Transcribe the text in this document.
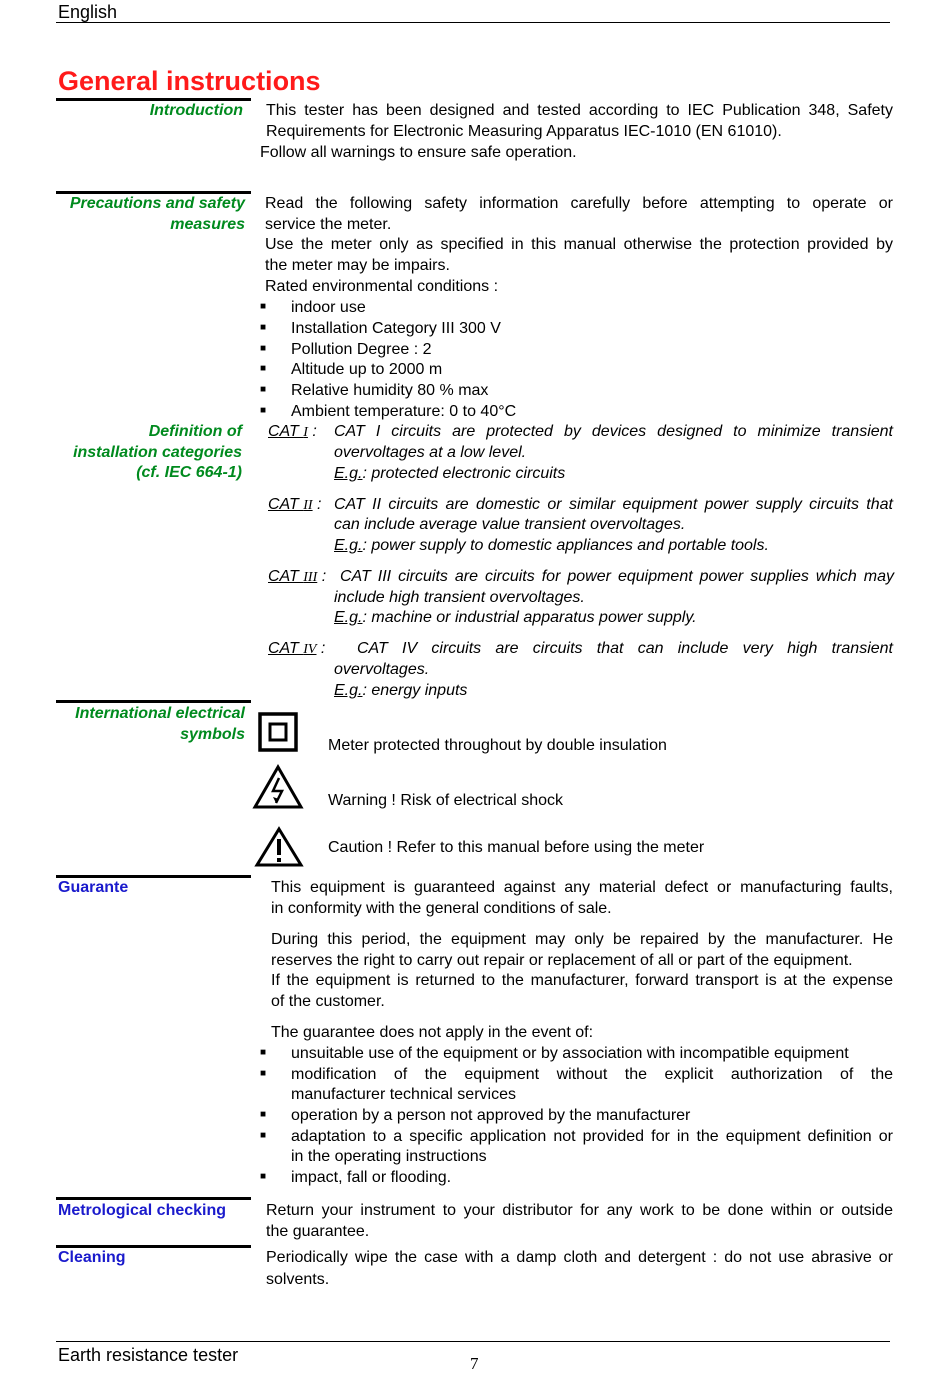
English
General instructions
Introduction This tester has been designed and tested according to IEC Publication 348, Safety
Requirements for Electronic Measuring Apparatus IEC-1010 (EN 61010).
Follow all warnings to ensure safe operation.
Precautions and safety
measures
Read the following safety information carefully before attempting to operate or
service the meter.
Use the meter only as specified in this manual otherwise the protection provided by
the meter may be impairs.
Rated environmental conditions :
■ indoor use
■ Installation Category III 300 V
■ Pollution Degree : 2
■ Altitude up to 2000 m
■ Relative humidity 80 % max
■ Ambient temperature: 0 to 40°C
Definition of
installation categories
(cf. IEC 664-1)
CAT I : CAT I circuits are protected by devices designed to minimize transient
overvoltages at a low level.
E.g.: protected electronic circuits
CAT II : CAT II circuits are domestic or similar equipment power supply circuits that
can include average value transient overvoltages.
E.g.: power supply to domestic appliances and portable tools.
CAT III : CAT III circuits are circuits for power equipment power supplies which may
include high transient overvoltages.
E.g.: machine or industrial apparatus power supply.
CAT IV : CAT IV circuits are circuits that can include very high transient
overvoltages.
E.g.: energy inputs
International electrical
symbols
Meter protected throughout by double insulation
Warning ! Risk of electrical shock
Caution ! Refer to this manual before using the meter
Guarante	This equipment is guaranteed against any material defect or manufacturing faults,
in conformity with the general conditions of sale.
During this period, the equipment may only be repaired by the manufacturer. He
reserves the right to carry out repair or replacement of all or part of the equipment.
If the equipment is returned to the manufacturer, forward transport is at the expense
of the customer.
The guarantee does not apply in the event of:
■ unsuitable use of the equipment or by association with incompatible equipment
■ modification of the equipment without the explicit authorization of the
manufacturer technical services
■ operation by a person not approved by the manufacturer
■ adaptation to a specific application not provided for in the equipment definition or
in the operating instructions
■ impact, fall or flooding.
Metrological checking Return your instrument to your distributor for any work to be done within or outside
the guarantee.
Cleaning	Periodically wipe the case with a damp cloth and detergent : do not use abrasive or
solvents.
Earth resistance tester	7
